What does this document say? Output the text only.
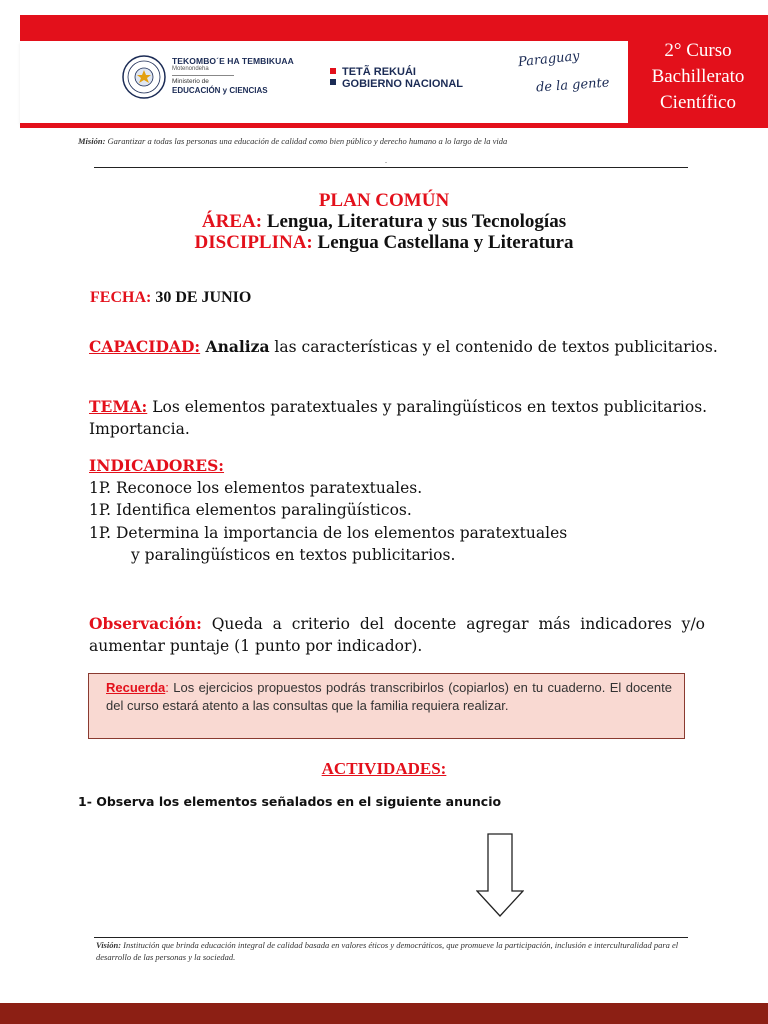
TEKOMBO´E HA TEMBIKUAA
Motenondeha
Ministerio de
EDUCACIÓN y CIENCIAS
TETÃ REKUÁI
GOBIERNO NACIONAL
Paraguay
de la gente
2° Curso
Bachillerato
Científico
Misión: Garantizar a todas las personas una educación de calidad como bien público y derecho humano a lo largo de la vida
.
PLAN COMÚN
ÁREA: Lengua, Literatura y sus Tecnologías
DISCIPLINA: Lengua Castellana y Literatura
FECHA: 30 DE JUNIO
CAPACIDAD: Analiza las características y el contenido de textos publicitarios.
TEMA: Los elementos paratextuales y paralingüísticos en textos publicitarios. Importancia.
INDICADORES:
1P. Reconoce los elementos paratextuales.
1P. Identifica elementos paralingüísticos.
1P. Determina la importancia de los elementos paratextuales
y paralingüísticos en textos publicitarios.
Observación: Queda a criterio del docente agregar más indicadores y/o aumentar puntaje (1 punto por indicador).
Recuerda: Los ejercicios propuestos podrás transcribirlos (copiarlos) en tu cuaderno. El docente del curso estará atento a las consultas que la familia requiera realizar.
ACTIVIDADES:
1- Observa los elementos señalados en el siguiente anuncio
Visión: Institución que brinda educación integral de calidad basada en valores éticos y democráticos, que promueve la participación, inclusión e interculturalidad para el desarrollo de las personas y la sociedad.
